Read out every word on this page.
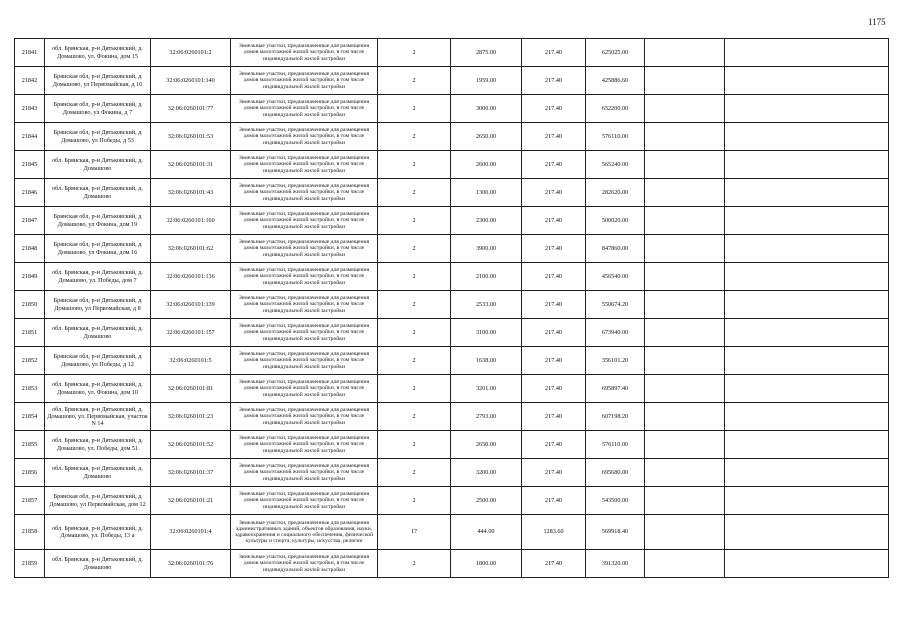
1175
21841	обл. Брянская, р-н Дятьковский, д. Домашово, ул. Фокина, дом 15	32:06:0260101:2	Земельные участки, предназначенные для размещения домов малоэтажной жилой застройки, в том числе индивидуальной жилой застройки	2	2875.00	217.40	625025.00		
21842	Брянская обл, р-н Дятьковский, д Домашово, ул Первомайская, д 16	32:06:0260101:140	Земельные участки, предназначенные для размещения домов малоэтажной жилой застройки, в том числе индивидуальной жилой застройки	2	1959.00	217.40	425886.60		
21843	Брянская обл, р-н Дятьковский, д Домашово, ул Фокина, д 7	32:06:0260101:77	Земельные участки, предназначенные для размещения домов малоэтажной жилой застройки, в том числе индивидуальной жилой застройки	2	3000.00	217.40	652200.00		
21844	Брянская обл, р-н Дятьковский, д Домашово, ул Победы, д 53	32:06:0260101:53	Земельные участки, предназначенные для размещения домов малоэтажной жилой застройки, в том числе индивидуальной жилой застройки	2	2650.00	217.40	576110.00		
21845	обл. Брянская, р-н Дятьковский, д. Домашово	32:06:0260101:31	Земельные участки, предназначенные для размещения домов малоэтажной жилой застройки, в том числе индивидуальной жилой застройки	2	2600.00	217.40	565240.00		
21846	обл. Брянская, р-н Дятьковский, д. Домашово	32:06:0260101:43	Земельные участки, предназначенные для размещения домов малоэтажной жилой застройки, в том числе индивидуальной жилой застройки	2	1300.00	217.40	282620.00		
21847	Брянская обл, р-н Дятьковский, д Домашово, ул Фокина, дом 19	32:06:0260101:160	Земельные участки, предназначенные для размещения домов малоэтажной жилой застройки, в том числе индивидуальной жилой застройки	2	2300.00	217.40	500020.00		
21848	Брянская обл, р-н Дятьковский, д Домашово, ул Фокина, дом 16	32:06:0260101:62	Земельные участки, предназначенные для размещения домов малоэтажной жилой застройки, в том числе индивидуальной жилой застройки	2	3900.00	217.40	847860.00		
21849	обл. Брянская, р-н Дятьковский, д. Домашово, ул. Победы, дом 7	32:06:0260101:136	Земельные участки, предназначенные для размещения домов малоэтажной жилой застройки, в том числе индивидуальной жилой застройки	2	2100.00	217.40	456540.00		
21850	Брянская обл, р-н Дятьковский, д Домашово, ул Первомайская, д 8	32:06:0260101:139	Земельные участки, предназначенные для размещения домов малоэтажной жилой застройки, в том числе индивидуальной жилой застройки	2	2533.00	217.40	550674.20		
21851	обл. Брянская, р-н Дятьковский, д. Домашово	32:06:0260101:157	Земельные участки, предназначенные для размещения домов малоэтажной жилой застройки, в том числе индивидуальной жилой застройки	2	3100.00	217.40	673940.00		
21852	Брянская обл, р-н Дятьковский, д Домашово, ул Победы, д 12	32:06:0260101:5	Земельные участки, предназначенные для размещения домов малоэтажной жилой застройки, в том числе индивидуальной жилой застройки	2	1638.00	217.40	356101.20		
21853	обл. Брянская, р-н Дятьковский, д. Домашово, ул. Фокина, дом 10	32:06:0260101:81	Земельные участки, предназначенные для размещения домов малоэтажной жилой застройки, в том числе индивидуальной жилой застройки	2	3201.00	217.40	695897.40		
21854	обл. Брянская, р-н Дятьковский, д. Домашово, ул. Первомайская, участок N 14	32:06:0260101:23	Земельные участки, предназначенные для размещения домов малоэтажной жилой застройки, в том числе индивидуальной жилой застройки	2	2793.00	217.40	607198.20		
21855	обл. Брянская, р-н Дятьковский, д. Домашово, ул. Победы, дом 51	32:06:0260101:52	Земельные участки, предназначенные для размещения домов малоэтажной жилой застройки, в том числе индивидуальной жилой застройки	2	2650.00	217.40	576110.00		
21856	обл. Брянская, р-н Дятьковский, д. Домашово	32:06:0260101:37	Земельные участки, предназначенные для размещения домов малоэтажной жилой застройки, в том числе индивидуальной жилой застройки	2	3200.00	217.40	695680.00		
21857	Брянская обл, р-н Дятьковский, д Домашово, ул Первомайская, дом 12	32:06:0260101:21	Земельные участки, предназначенные для размещения домов малоэтажной жилой застройки, в том числе индивидуальной жилой застройки	2	2500.00	217.40	543500.00		
21858	обл. Брянская, р-н Дятьковский, д. Домашово, ул. Победы, 13 а	32:06:0260101:4	Земельные участки, предназначенные для размещения административных зданий, объектов образования, науки, здравоохранения и социального обеспечения, физической культуры и спорта, культуры, искусства, религии	17	444.00	1283.60	569918.40		
21859	обл. Брянская, р-н Дятьковский, д. Домашово	32:06:0260101:76	Земельные участки, предназначенные для размещения домов малоэтажной жилой застройки, в том числе индивидуальной жилой застройки	2	1800.00	217.40	391320.00		
